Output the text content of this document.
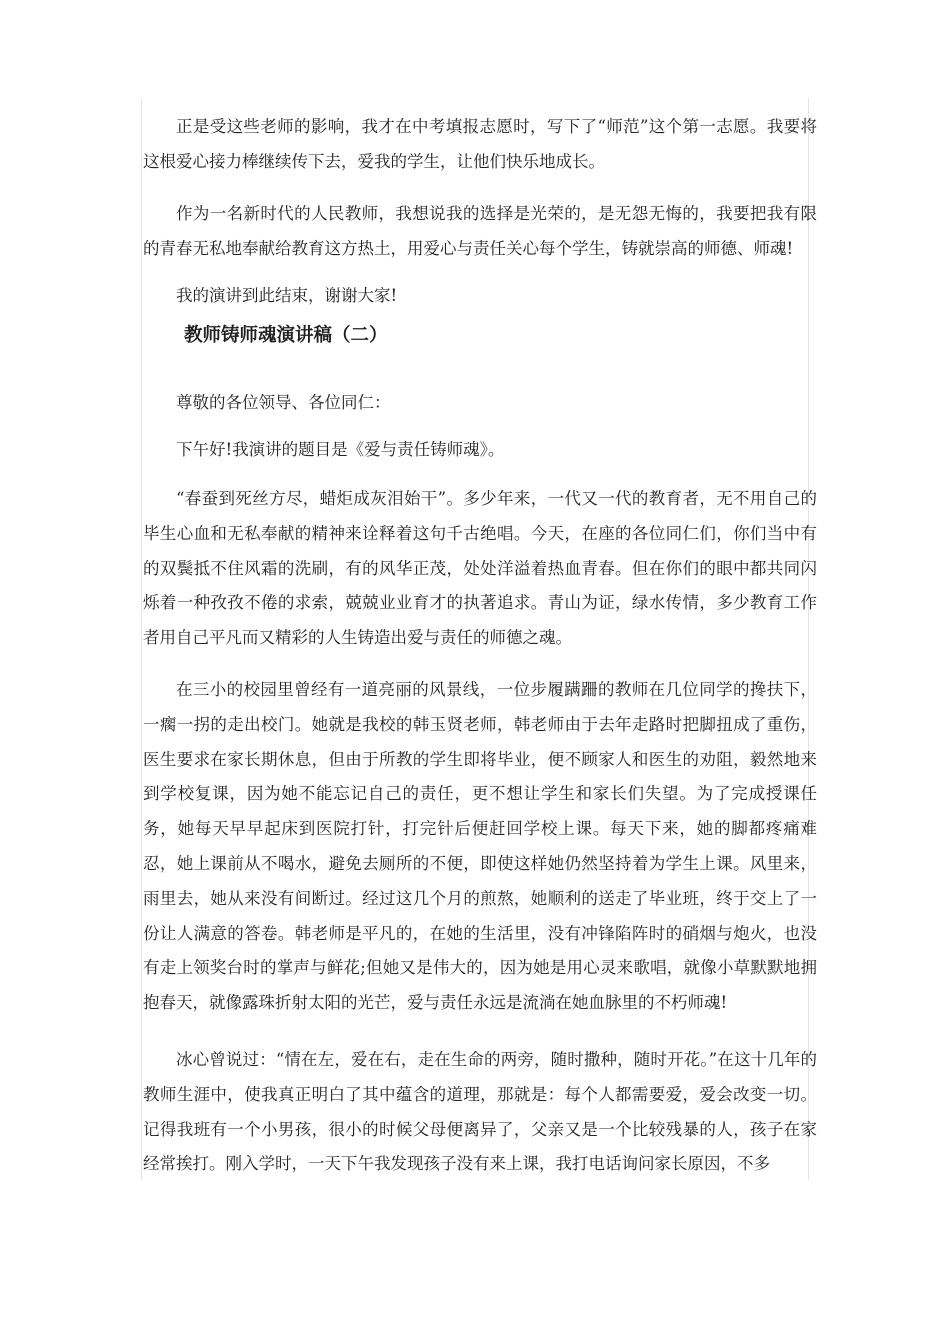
正是受这些老师的影响，我才在中考填报志愿时，写下了“师范”这个第一志愿。我要将这根爱心接力棒继续传下去，爱我的学生，让他们快乐地成长。

作为一名新时代的人民教师，我想说我的选择是光荣的，是无怨无悔的，我要把我有限的青春无私地奉献给教育这方热土，用爱心与责任关心每个学生，铸就崇高的师德、师魂!

我的演讲到此结束，谢谢大家!

教师铸师魂演讲稿（二）

尊敬的各位领导、各位同仁：

下午好!我演讲的题目是《爱与责任铸师魂》。

“春蚕到死丝方尽，蜡炬成灰泪始干”。多少年来，一代又一代的教育者，无不用自己的毕生心血和无私奉献的精神来诠释着这句千古绝唱。今天，在座的各位同仁们，你们当中有的双鬓抵不住风霜的洗刷，有的风华正茂，处处洋溢着热血青春。但在你们的眼中都共同闪烁着一种孜孜不倦的求索，兢兢业业育才的执著追求。青山为证，绿水传情，多少教育工作者用自己平凡而又精彩的人生铸造出爱与责任的师德之魂。

在三小的校园里曾经有一道亮丽的风景线，一位步履蹒跚的教师在几位同学的搀扶下，一瘸一拐的走出校门。她就是我校的韩玉贤老师，韩老师由于去年走路时把脚扭成了重伤，医生要求在家长期休息，但由于所教的学生即将毕业，便不顾家人和医生的劝阻，毅然地来到学校复课，因为她不能忘记自己的责任，更不想让学生和家长们失望。为了完成授课任务，她每天早早起床到医院打针，打完针后便赶回学校上课。每天下来，她的脚都疼痛难忍，她上课前从不喝水，避免去厕所的不便，即使这样她仍然坚持着为学生上课。风里来，雨里去，她从来没有间断过。经过这几个月的煎熬，她顺利的送走了毕业班，终于交上了一份让人满意的答卷。韩老师是平凡的，在她的生活里，没有冲锋陷阵时的硝烟与炮火，也没有走上领奖台时的掌声与鲜花;但她又是伟大的，因为她是用心灵来歌唱，就像小草默默地拥抱春天，就像露珠折射太阳的光芒，爱与责任永远是流淌在她血脉里的不朽师魂!

冰心曾说过：“情在左，爱在右，走在生命的两旁，随时撒种，随时开花。”在这十几年的教师生涯中，使我真正明白了其中蕴含的道理，那就是：每个人都需要爱，爱会改变一切。记得我班有一个小男孩，很小的时候父母便离异了，父亲又是一个比较残暴的人，孩子在家经常挨打。刚入学时，一天下午我发现孩子没有来上课，我打电话询问家长原因，不多
